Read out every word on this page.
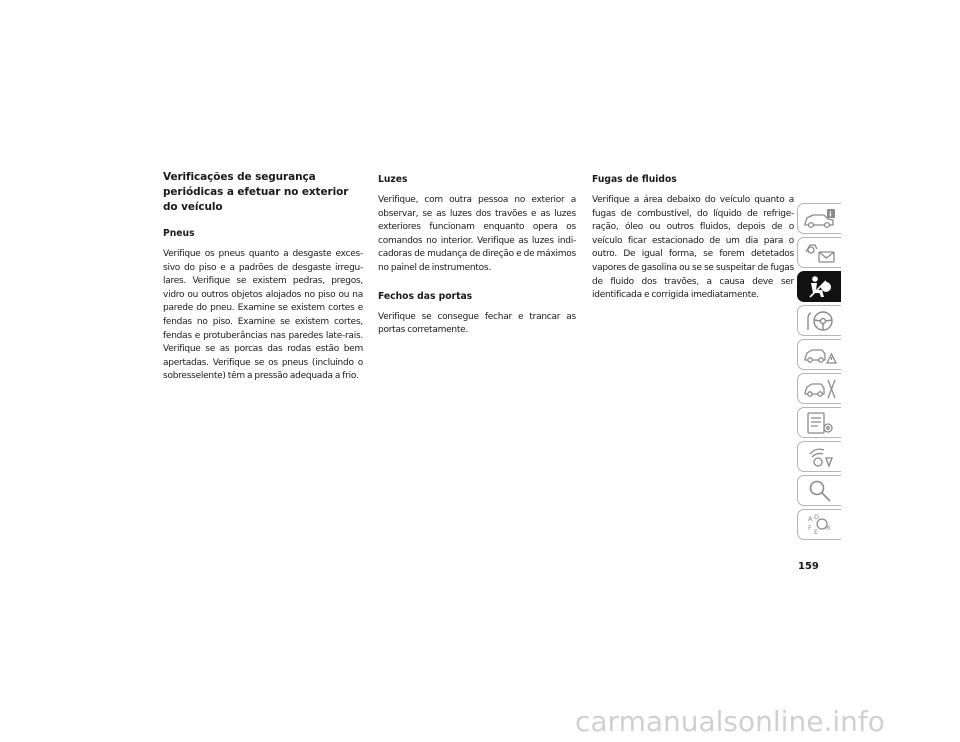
Verificações de segurança periódicas a efetuar no exterior do veículo
Pneus
Verifique os pneus quanto a desgaste exces-sivo do piso e a padrões de desgaste irregu-lares. Verifique se existem pedras, pregos, vidro ou outros objetos alojados no piso ou na parede do pneu. Examine se existem cortes e fendas no piso. Examine se existem cortes, fendas e protuberâncias nas paredes late-rais. Verifique se as porcas das rodas estão bem apertadas. Verifique se os pneus (incluindo o sobresselente) têm a pressão adequada a frio.
Luzes
Verifique, com outra pessoa no exterior a observar, se as luzes dos travões e as luzes exteriores funcionam enquanto opera os comandos no interior. Verifique as luzes indi-cadoras de mudança de direção e de máximos no painel de instrumentos.
Fechos das portas
Verifique se consegue fechar e trancar as portas corretamente.
Fugas de fluidos
Verifique a área debaixo do veículo quanto a fugas de combustível, do líquido de refrige-ração, óleo ou outros fluidos, depois de o veículo ficar estacionado de um dia para o outro. De igual forma, se forem detetados vapores de gasolina ou se se suspeitar de fugas de fluido dos travões, a causa deve ser identificada e corrigida imediatamente.
i
A D
F R
E
159
carmanualsonline.info
